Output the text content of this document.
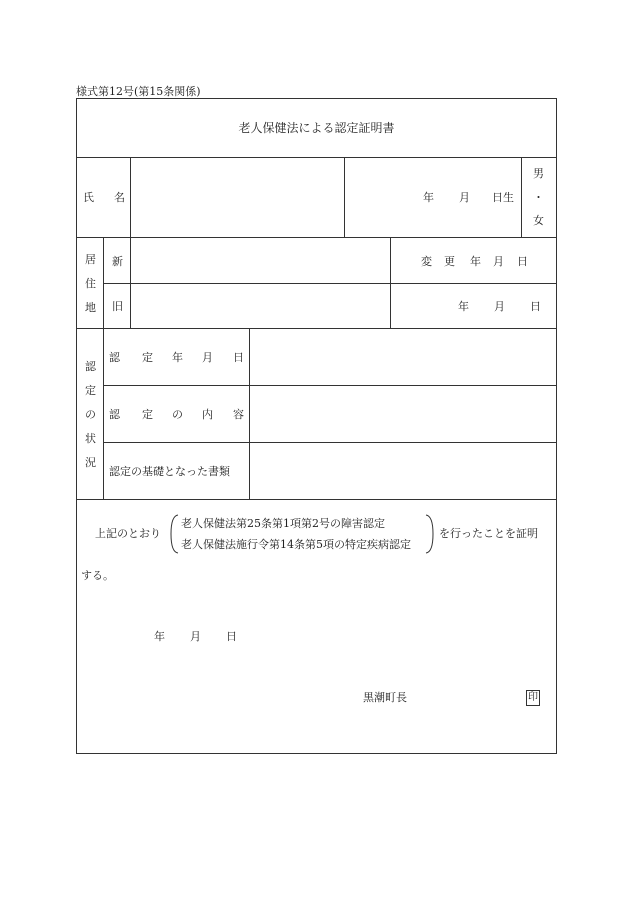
様式第12号(第15条関係)
老人保健法による認定証明書
氏 名	年 月 日生
男
・
女
居
住
地
新
旧
変 更 年 月 日
年 月 日
認
定
の
状
況
認 定 年 月 日
認 定 の 内 容
認定の基礎となった書類
上記のとおり
老人保健法第25条第1項第2号の障害認定
老人保健法施行令第14条第5項の特定疾病認定
を行ったことを証明
する。
年 月 日
黒潮町長	印
